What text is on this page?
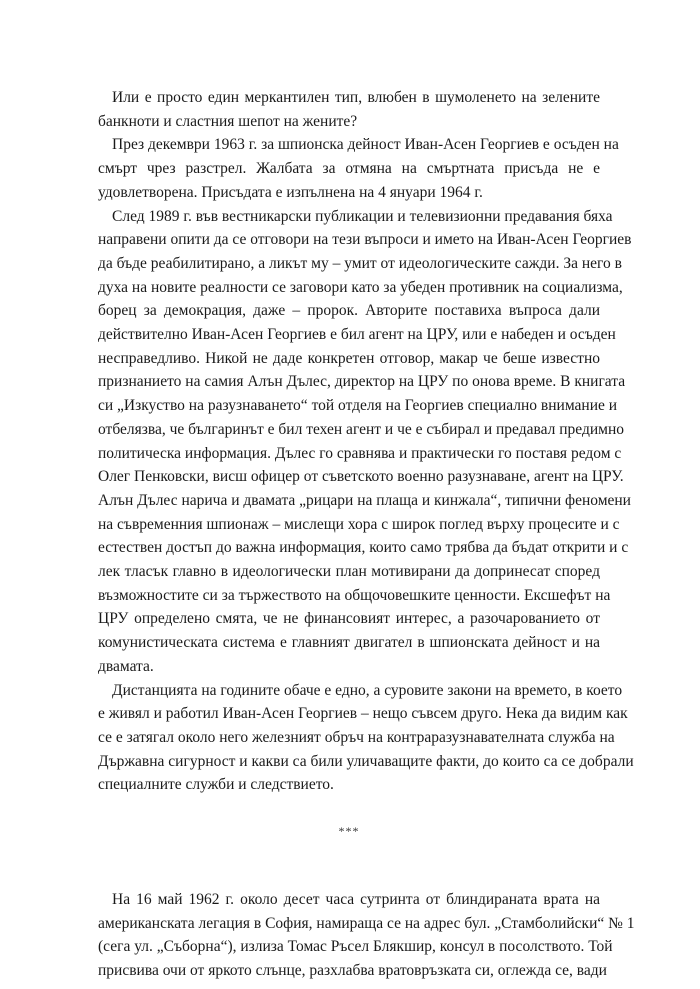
Или е просто един меркантилен тип, влюбен в шумоленето на зелените
банкноти и сластния шепот на жените?

През декември 1963 г. за шпионска дейност Иван-Асен Георгиев е осъден на
смърт чрез разстрел. Жалбата за отмяна на смъртната присъда не е
удовлетворена. Присъдата е изпълнена на 4 януари 1964 г.

След 1989 г. във вестникарски публикации и телевизионни предавания бяха
направени опити да се отговори на тези въпроси и името на Иван-Асен Георгиев
да бъде реабилитирано, а ликът му – умит от идеологическите сажди. За него в
духа на новите реалности се заговори като за убеден противник на социализма,
борец за демокрация, даже – пророк. Авторите поставиха въпроса дали
действително Иван-Асен Георгиев е бил агент на ЦРУ, или е набеден и осъден
несправедливо. Никой не даде конкретен отговор, макар че беше известно
признанието на самия Алън Дълес, директор на ЦРУ по онова време. В книгата
си „Изкуство на разузнаването“ той отделя на Георгиев специално внимание и
отбелязва, че българинът е бил техен агент и че е събирал и предавал предимно
политическа информация. Дълес го сравнява и практически го поставя редом с
Олег Пенковски, висш офицер от съветското военно разузнаване, агент на ЦРУ.
Алън Дълес нарича и двамата „рицари на плаща и кинжала“, типични феномени
на съвременния шпионаж – мислещи хора с широк поглед върху процесите и с
естествен достъп до важна информация, които само трябва да бъдат открити и с
лек тласък главно в идеологически план мотивирани да допринесат според
възможностите си за тържеството на общочовешките ценности. Ексшефът на
ЦРУ определено смята, че не финансовият интерес, а разочарованието от
комунистическата система е главният двигател в шпионската дейност и на
двамата.

Дистанцията на годините обаче е едно, а суровите закони на времето, в което
е живял и работил Иван-Асен Георгиев – нещо съвсем друго. Нека да видим как
се е затягал около него железният обръч на контраразузнавателната служба на
Държавна сигурност и какви са били уличаващите факти, до които са се добрали
специалните служби и следствието.

***

На 16 май 1962 г. около десет часа сутринта от блиндираната врата на
американската легация в София, намираща се на адрес бул. „Стамболийски“ № 1
(сега ул. „Съборна“), излиза Томас Ръсел Блякшир, консул в посолството. Той
присвива очи от яркото слънце, разхлабва вратовръзката си, оглежда се, вади
